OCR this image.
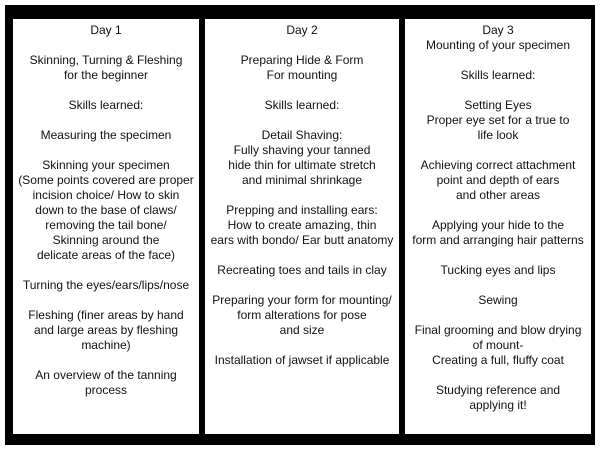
Day 1
Skinning, Turning & Fleshing
for the beginner
Skills learned:
Measuring the specimen
Skinning your specimen
(Some points covered are proper
incision choice/ How to skin
down to the base of claws/
removing the tail bone/
Skinning around the
delicate areas of the face)
Turning the eyes/ears/lips/nose
Fleshing (finer areas by hand
and large areas by fleshing
machine)
An overview of the tanning
process
Day 2
Preparing Hide & Form
For mounting
Skills learned:
Detail Shaving:
Fully shaving your tanned
hide thin for ultimate stretch
and minimal shrinkage
Prepping and installing ears:
How to create amazing, thin
ears with bondo/ Ear butt anatomy
Recreating toes and tails in clay
Preparing your form for mounting/
form alterations for pose
and size
Installation of jawset if applicable
Day 3
Mounting of your specimen
Skills learned:
Setting Eyes
Proper eye set for a true to
life look
Achieving correct attachment
point and depth of ears
and other areas
Applying your hide to the
form and arranging hair patterns
Tucking eyes and lips
Sewing
Final grooming and blow drying
of mount-
Creating a full, fluffy coat
Studying reference and
applying it!
